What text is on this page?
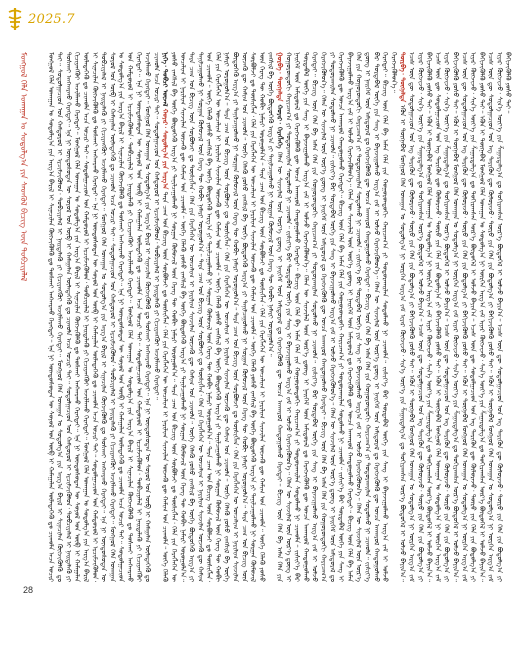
2025.7
ᠮᠣᠩᠭᠤᠯ ᠬᠡᠯᠡ ᠤᠬᠠᠭᠠᠨ ᠤ ᠰᠤᠳᠤᠯᠭ᠎ᠠ ᠶᠢᠨ ᠰᠡᠳᠬᠦᠯ ᠪᠢᠴᠢᠭ ᠦᠨ ᠲᠣᠪᠴᠢᠶᠠᠯᠠᠯ	ᠮᠣᠩᠭᠣᠯ ᠬᠡᠯᠡ ᠤᠬᠠᠭᠠᠨ ᠤ ᠰᠤᠳᠤᠯᠭ᠎ᠠ ᠶᠢᠨ ᠠᠷᠭ᠎ᠠ ᠪᠠᠷᠢᠯ ᠢ ᠰᠢᠨᠡᠴᠢᠯᠡᠨ ᠬᠥᠭᠵᠢᠭᠦᠯᠬᠦ ᠳᠤ ᠲᠤᠰᠬᠠᠢ ᠠᠩᠬᠠᠷᠬᠤ ᠬᠡᠷᠡᠭᠲᠡᠢ᠃ ᠡᠨᠡ ᠨᠢ ᠦᠨᠳᠦᠰᠦᠲᠡᠨ ᠦ ᠰᠣᠶᠣᠯ ᠤᠨ ᠥᠪ ᠢ ᠬᠠᠮᠠᠭᠠᠯᠠᠨ ᠦᠯᠡᠳᠡᠭᠡᠬᠦ ᠳᠤ ᠴᠢᠬᠤᠯᠠ ᠠᠴᠠ ᠤᠴᠢᠷ ᠲᠠᠢ᠃ ᠰᠤᠳᠤᠯᠭᠠᠴᠢᠳ ᠤᠨ ᠬᠠᠮᠲᠤᠷᠤᠯ ᠢ ᠡᠷᠴᠢᠮᠵᠢᠭᠦᠯᠦᠨ᠂ ᠲᠣᠪᠴᠢᠶᠠᠯᠠᠯ ᠢ ᠨᠡᠢᠲᠡᠯᠡᠬᠦ ᠶᠢ ᠬᠢᠴᠢᠶᠡᠩᠭᠦᠢ ᠠᠵᠢᠯᠯᠠᠬᠤ ᠬᠡᠷᠡᠭᠲᠡᠢ᠃ ᠮᠣᠩᠭᠣᠯ ᠬᠡᠯᠡ ᠤᠬᠠᠭᠠᠨ ᠤ ᠰᠤᠳᠤᠯᠭ᠎ᠠ ᠶᠢᠨ ᠠᠷᠭ᠎ᠠ ᠪᠠᠷᠢᠯ ᠢ ᠰᠢᠨᠡᠴᠢᠯᠡᠨ ᠬᠥᠭᠵᠢᠭᠦᠯᠬᠦ ᠳᠤ ᠲᠤᠰᠬᠠᠢ ᠠᠩᠬᠠᠷᠬᠤ ᠬᠡᠷᠡᠭᠲᠡᠢ᠃ ᠡᠨᠡ ᠨᠢ ᠦᠨᠳᠦᠰᠦᠲᠡᠨ ᠦ ᠰᠣᠶᠣᠯ ᠤᠨ ᠥᠪ ᠢ ᠬᠠᠮᠠᠭᠠᠯᠠᠨ ᠦᠯᠡᠳᠡᠭᠡᠬᠦ ᠳᠤ ᠴᠢᠬᠤᠯᠠ ᠠᠴᠠ ᠤᠴᠢᠷ ᠲᠠᠢ᠃ ᠰᠤᠳᠤᠯᠭᠠᠴᠢᠳ ᠤᠨ ᠬᠠᠮᠲᠤᠷᠤᠯ ᠢ ᠡᠷᠴᠢᠮᠵᠢᠭᠦᠯᠦᠨ᠂ ᠲᠣᠪᠴᠢᠶᠠᠯᠠᠯ ᠢ ᠨᠡᠢᠲᠡᠯᠡᠬᠦ ᠶᠢ ᠬᠢᠴᠢᠶᠡᠩᠭᠦᠢ ᠠᠵᠢᠯᠯᠠᠬᠤ ᠬᠡᠷᠡᠭᠲᠡᠢ᠃ ᠮᠣᠩᠭᠣᠯ ᠬᠡᠯᠡ ᠤᠬᠠᠭᠠᠨ ᠤ ᠰᠤᠳᠤᠯᠭ᠎ᠠ ᠶᠢᠨ ᠠᠷᠭ᠎ᠠ ᠪᠠᠷᠢᠯ ᠢ ᠰᠢᠨᠡᠴᠢᠯᠡᠨ ᠬᠥᠭᠵᠢᠭᠦᠯᠬᠦ ᠳᠤ ᠲᠤᠰᠬᠠᠢ ᠠᠩᠬᠠᠷᠬᠤ ᠬᠡᠷᠡᠭᠲᠡᠢ᠃ ᠡᠨᠡ ᠨᠢ ᠦᠨᠳᠦᠰᠦᠲᠡᠨ ᠦ ᠰᠣᠶᠣᠯ ᠤᠨ ᠥᠪ ᠢ ᠬᠠᠮᠠᠭᠠᠯᠠᠨ ᠦᠯᠡᠳᠡᠭᠡᠬᠦ ᠳᠤ ᠴᠢᠬᠤᠯᠠ ᠠᠴᠠ ᠤᠴᠢᠷ ᠲᠠᠢ᠃ ᠰᠤᠳᠤᠯᠭᠠᠴᠢᠳ ᠤᠨ ᠬᠠᠮᠲᠤᠷᠤᠯ ᠢ ᠡᠷᠴᠢᠮᠵᠢᠭᠦᠯᠦᠨ᠂ ᠲᠣᠪᠴᠢᠶᠠᠯᠠᠯ ᠢ ᠨᠡᠢᠲᠡᠯᠡᠬᠦ ᠶᠢ ᠬᠢᠴᠢᠶᠡᠩᠭᠦᠢ ᠠᠵᠢᠯᠯᠠᠬᠤ ᠬᠡᠷᠡᠭᠲᠡᠢ᠃ ᠮᠣᠩᠭᠣᠯ ᠬᠡᠯᠡ ᠤᠬᠠᠭᠠᠨ ᠤ ᠰᠤᠳᠤᠯᠭ᠎ᠠ ᠶᠢᠨ ᠠᠷᠭ᠎ᠠ ᠪᠠᠷᠢᠯ ᠢ ᠰᠢᠨᠡᠴᠢᠯᠡᠨ ᠬᠥᠭᠵᠢᠭᠦᠯᠬᠦ ᠳᠤ ᠲᠤᠰᠬᠠᠢ ᠠᠩᠬᠠᠷᠬᠤ ᠬᠡᠷᠡᠭᠲᠡᠢ᠃ ᠡᠨᠡ ᠨᠢ ᠦᠨᠳᠦᠰᠦᠲᠡᠨ ᠦ ᠰᠣᠶᠣᠯ ᠤᠨ ᠥᠪ ᠢ ᠬᠠᠮᠠᠭᠠᠯᠠᠨ ᠦᠯᠡᠳᠡᠭᠡᠬᠦ ᠳᠤ ᠴᠢᠬᠤᠯᠠ ᠠᠴᠠ ᠤᠴᠢᠷ ᠲᠠᠢ᠃ ᠰᠤᠳᠤᠯᠭᠠᠴᠢᠳ ᠤᠨ ᠬᠠᠮᠲᠤᠷᠤᠯ ᠢ ᠡᠷᠴᠢᠮᠵᠢᠭᠦᠯᠦᠨ᠂ ᠲᠣᠪᠴᠢᠶᠠᠯᠠᠯ ᠢ ᠨᠡᠢᠲᠡᠯᠡᠬᠦ ᠶᠢ ᠬᠢᠴᠢᠶᠡᠩᠭᠦᠢ ᠠᠵᠢᠯᠯᠠᠬᠤ ᠬᠡᠷᠡᠭᠲᠡᠢ᠃ ᠮᠣᠩᠭᠣᠯ ᠬᠡᠯᠡ ᠤᠬᠠᠭᠠᠨ ᠤ ᠰᠤᠳᠤᠯᠭ᠎ᠠ ᠶᠢᠨ ᠠᠷᠭ᠎ᠠ ᠪᠠᠷᠢᠯ ᠢ ᠰᠢᠨᠡᠴᠢᠯᠡᠨ ᠬᠥᠭᠵᠢᠭᠦᠯᠬᠦ ᠳᠤ ᠲᠤᠰᠬᠠᠢ ᠠᠩᠬᠠᠷᠬᠤ ᠬᠡᠷᠡᠭᠲᠡᠢ᠃ ᠡᠨᠡ ᠨᠢ ᠦᠨᠳᠦᠰᠦᠲᠡᠨ ᠦ ᠰᠣᠶᠣᠯ ᠤᠨ ᠥᠪ ᠢ ᠬᠠᠮᠠᠭᠠᠯᠠᠨ ᠦᠯᠡᠳᠡᠭᠡᠬᠦ ᠳᠤ ᠴᠢᠬᠤᠯᠠ ᠠᠴᠠ ᠤᠴᠢᠷ ᠲᠠᠢ᠃ ᠰᠤᠳᠤᠯᠭᠠᠴᠢᠳ ᠤᠨ ᠬᠠᠮᠲᠤᠷᠤᠯ ᠢ ᠡᠷᠴᠢᠮᠵᠢᠭᠦᠯᠦᠨ᠂ ᠲᠣᠪᠴᠢᠶᠠᠯᠠᠯ ᠢ ᠨᠡᠢᠲᠡᠯᠡᠬᠦ ᠶᠢ ᠬᠢᠴᠢᠶᠡᠩᠭᠦᠢ ᠠᠵᠢᠯᠯᠠᠬᠤ ᠬᠡᠷᠡᠭᠲᠡᠢ᠃ ᠮᠣᠩᠭᠣᠯ ᠬᠡᠯᠡ ᠤᠬᠠᠭᠠᠨ ᠤ ᠰᠤᠳᠤᠯᠭ᠎ᠠ ᠶᠢᠨ ᠠᠷᠭ᠎ᠠ ᠪᠠᠷᠢᠯ ᠢ ᠰᠢᠨᠡᠴᠢᠯᠡᠨ ᠬᠥᠭᠵᠢᠭᠦᠯᠬᠦ ᠳᠤ ᠲᠤᠰᠬᠠᠢ ᠠᠩᠬᠠᠷᠬᠤ ᠬᠡᠷᠡᠭᠲᠡᠢ᠃ ᠡᠨᠡ ᠨᠢ ᠦᠨᠳᠦᠰᠦᠲᠡᠨ ᠦ ᠰᠣᠶᠣᠯ ᠤᠨ ᠥᠪ ᠢ ᠬᠠᠮᠠᠭᠠᠯᠠᠨ ᠦᠯᠡᠳᠡᠭᠡᠬᠦ ᠳᠤ ᠴᠢᠬᠤᠯᠠ ᠠᠴᠠ ᠤᠴᠢᠷ ᠲᠠᠢ᠃ ᠰᠤᠳᠤᠯᠭᠠᠴᠢᠳ ᠤᠨ ᠬᠠᠮᠲᠤᠷᠤᠯ ᠢ ᠡᠷᠴᠢᠮᠵᠢᠭᠦᠯᠦᠨ᠂ ᠲᠣᠪᠴᠢᠶᠠᠯᠠᠯ ᠢ ᠨᠡᠢᠲᠡᠯᠡᠬᠦ ᠶᠢ ᠬᠢᠴᠢᠶᠡᠩᠭᠦᠢ ᠠᠵᠢᠯᠯᠠᠬᠤ ᠬᠡᠷᠡᠭᠲᠡᠢ᠃ ᠮᠣᠩᠭᠣᠯ ᠬᠡᠯᠡ ᠤᠬᠠᠭᠠᠨ ᠤ ᠰᠤᠳᠤᠯᠭ᠎ᠠ ᠶᠢᠨ ᠠᠷᠭ᠎ᠠ ᠪᠠᠷᠢᠯ ᠢ ᠰᠢᠨᠡᠴᠢᠯᠡᠨ ᠬᠥᠭᠵᠢᠭᠦᠯᠬᠦ ᠳᠤ ᠲᠤᠰᠬᠠᠢ ᠠᠩᠬᠠᠷᠬᠤ ᠬᠡᠷᠡᠭᠲᠡᠢ᠃ ᠡᠨᠡ ᠨᠢ ᠦᠨᠳᠦᠰᠦᠲᠡᠨ ᠦ ᠰᠣᠶᠣᠯ ᠤᠨ ᠥᠪ ᠢ ᠬᠠᠮᠠᠭᠠᠯᠠᠨ ᠦᠯᠡᠳᠡᠭᠡᠬᠦ ᠳᠤ ᠴᠢᠬᠤᠯᠠ ᠠᠴᠠ ᠤᠴᠢᠷ ᠲᠠᠢ᠃ ᠰᠤᠳᠤᠯᠭᠠᠴᠢᠳ ᠤᠨ ᠬᠠᠮᠲᠤᠷᠤᠯ ᠢ ᠡᠷᠴᠢᠮᠵᠢᠭᠦᠯᠦᠨ᠂ ᠲᠣᠪᠴᠢᠶᠠᠯᠠᠯ ᠢ ᠨᠡᠢᠲᠡᠯᠡᠬᠦ ᠶᠢ ᠬᠢᠴᠢᠶᠡᠩᠭᠦᠢ ᠠᠵᠢᠯᠯᠠᠬᠤ ᠬᠡᠷᠡᠭᠲᠡᠢ᠃ ᠮᠣᠩᠭᠣᠯ ᠬᠡᠯᠡ ᠤᠬᠠᠭᠠᠨ ᠤ ᠰᠤᠳᠤᠯᠭ᠎ᠠ ᠶᠢᠨ ᠠᠷᠭ᠎ᠠ ᠪᠠᠷᠢᠯ ᠢ ᠰᠢᠨᠡᠴᠢᠯᠡᠨ ᠬᠥᠭᠵᠢᠭᠦᠯᠬᠦ ᠳᠤ ᠲᠤᠰᠬᠠᠢ ᠠᠩᠬᠠᠷᠬᠤ ᠬᠡᠷᠡᠭᠲᠡᠢ᠃ ᠡᠨᠡ ᠨᠢ ᠦᠨᠳᠦᠰᠦᠲᠡᠨ ᠦ ᠰᠣᠶᠣᠯ ᠤᠨ ᠥᠪ ᠢ ᠬᠠᠮᠠᠭᠠᠯᠠᠨ ᠦᠯᠡᠳᠡᠭᠡᠬᠦ ᠳᠤ ᠴᠢᠬᠤᠯᠠ ᠠᠴᠠ ᠤᠴᠢᠷ ᠲᠠᠢ᠃ ᠰᠤᠳᠤᠯᠭᠠᠴᠢᠳ ᠤᠨ ᠬᠠᠮᠲᠤᠷᠤᠯ ᠢ ᠡᠷᠴᠢᠮᠵᠢᠭᠦᠯᠦᠨ᠂ ᠲᠣᠪᠴᠢᠶᠠᠯᠠᠯ ᠢ ᠨᠡᠢᠲᠡᠯᠡᠬᠦ ᠶᠢ ᠬᠢᠴᠢᠶᠡᠩᠭᠦᠢ ᠠᠵᠢᠯᠯᠠᠬᠤ ᠬᠡᠷᠡᠭᠲᠡᠢ᠃ ᠨᠢᠭᠡ᠂ ᠲᠣᠪᠴᠢ ᠦᠵᠡᠯ ᠬᠣᠶᠠᠷ᠂ ᠰᠤᠳᠤᠯᠭ᠎ᠠ ᠶᠢᠨ ᠠᠷᠭ᠎ᠠ ᠲᠡᠷᠡ ᠴᠠᠭ ᠤᠨ ᠪᠢᠴᠢᠭ ᠦᠨ ᠰᠤᠷᠪᠤᠯᠵᠢ ᠳᠤ ᠲᠦᠰᠢᠭᠯᠡᠨ᠂ ᠬᠡᠯᠡ ᠶᠢᠨ ᠬᠡᠷᠡᠭᠯᠡᠭᠡᠨ ᠦ ᠣᠨᠴᠠᠯᠢᠭ ᠢ ᠨᠠᠷᠢᠯᠢᠭ ᠰᠢᠨᠵᠢᠯᠡᠨ ᠦᠵᠡᠬᠦ ᠳᠦ ᠬᠠᠮᠢᠭ ᠤᠨ ᠴᠢᠬᠤᠯᠠ᠃ ᠦᠭᠡ ᠬᠡᠯᠡᠬᠦ ᠶᠣᠰᠣ ᠵᠠᠩᠰᠢᠯ ᠪᠠ ᠦᠭᠡ ᠪᠦᠲᠦᠭᠡᠬᠦ ᠠᠷᠭ᠎ᠠ ᠶᠢ ᠲᠠᠨᠢᠯᠴᠠᠭᠤᠯᠬᠤ ᠨᠢ ᠰᠤᠷᠭᠠᠨ ᠬᠦᠮᠦᠵᠢᠯ ᠦᠨ ᠬᠡᠷᠡᠭ ᠲᠦ ᠬᠤᠪᠢ ᠨᠡᠮᠡᠷᠢ ᠣᠷᠣᠭᠤᠯᠨ᠎ᠠ᠃ ᠲᠡᠷᠡ ᠴᠠᠭ ᠤᠨ ᠪᠢᠴᠢᠭ ᠦᠨ ᠰᠤᠷᠪᠤᠯᠵᠢ ᠳᠤ ᠲᠦᠰᠢᠭᠯᠡᠨ᠂ ᠬᠡᠯᠡ ᠶᠢᠨ ᠬᠡᠷᠡᠭᠯᠡᠭᠡᠨ ᠦ ᠣᠨᠴᠠᠯᠢᠭ ᠢ ᠨᠠᠷᠢᠯᠢᠭ ᠰᠢᠨᠵᠢᠯᠡᠨ ᠦᠵᠡᠬᠦ ᠳᠦ ᠬᠠᠮᠢᠭ ᠤᠨ ᠴᠢᠬᠤᠯᠠ᠃ ᠦᠭᠡ ᠬᠡᠯᠡᠬᠦ ᠶᠣᠰᠣ ᠵᠠᠩᠰᠢᠯ ᠪᠠ ᠦᠭᠡ ᠪᠦᠲᠦᠭᠡᠬᠦ ᠠᠷᠭ᠎ᠠ ᠶᠢ ᠲᠠᠨᠢᠯᠴᠠᠭᠤᠯᠬᠤ ᠨᠢ ᠰᠤᠷᠭᠠᠨ ᠬᠦᠮᠦᠵᠢᠯ ᠦᠨ ᠬᠡᠷᠡᠭ ᠲᠦ ᠬᠤᠪᠢ ᠨᠡᠮᠡᠷᠢ ᠣᠷᠣᠭᠤᠯᠨ᠎ᠠ᠃ ᠲᠡᠷᠡ ᠴᠠᠭ ᠤᠨ ᠪᠢᠴᠢᠭ ᠦᠨ ᠰᠤᠷᠪᠤᠯᠵᠢ ᠳᠤ ᠲᠦᠰᠢᠭᠯᠡᠨ᠂ ᠬᠡᠯᠡ ᠶᠢᠨ ᠬᠡᠷᠡᠭᠯᠡᠭᠡᠨ ᠦ ᠣᠨᠴᠠᠯᠢᠭ ᠢ ᠨᠠᠷᠢᠯᠢᠭ ᠰᠢᠨᠵᠢᠯᠡᠨ ᠦᠵᠡᠬᠦ ᠳᠦ ᠬᠠᠮᠢᠭ ᠤᠨ ᠴᠢᠬᠤᠯᠠ᠃ ᠦᠭᠡ ᠬᠡᠯᠡᠬᠦ ᠶᠣᠰᠣ ᠵᠠᠩᠰᠢᠯ ᠪᠠ ᠦᠭᠡ ᠪᠦᠲᠦᠭᠡᠬᠦ ᠠᠷᠭ᠎ᠠ ᠶᠢ ᠲᠠᠨᠢᠯᠴᠠᠭᠤᠯᠬᠤ ᠨᠢ ᠰᠤᠷᠭᠠᠨ ᠬᠦᠮᠦᠵᠢᠯ ᠦᠨ ᠬᠡᠷᠡᠭ ᠲᠦ ᠬᠤᠪᠢ ᠨᠡᠮᠡᠷᠢ ᠣᠷᠣᠭᠤᠯᠨ᠎ᠠ᠃ ᠲᠡᠷᠡ ᠴᠠᠭ ᠤᠨ ᠪᠢᠴᠢᠭ ᠦᠨ ᠰᠤᠷᠪᠤᠯᠵᠢ ᠳᠤ ᠲᠦᠰᠢᠭᠯᠡᠨ᠂ ᠬᠡᠯᠡ ᠶᠢᠨ ᠬᠡᠷᠡᠭᠯᠡᠭᠡᠨ ᠦ ᠣᠨᠴᠠᠯᠢᠭ ᠢ ᠨᠠᠷᠢᠯᠢᠭ ᠰᠢᠨᠵᠢᠯᠡᠨ ᠦᠵᠡᠬᠦ ᠳᠦ ᠬᠠᠮᠢᠭ ᠤᠨ ᠴᠢᠬᠤᠯᠠ᠃ ᠦᠭᠡ ᠬᠡᠯᠡᠬᠦ ᠶᠣᠰᠣ ᠵᠠᠩᠰᠢᠯ ᠪᠠ ᠦᠭᠡ ᠪᠦᠲᠦᠭᠡᠬᠦ ᠠᠷᠭ᠎ᠠ ᠶᠢ ᠲᠠᠨᠢᠯᠴᠠᠭᠤᠯᠬᠤ ᠨᠢ ᠰᠤᠷᠭᠠᠨ ᠬᠦᠮᠦᠵᠢᠯ ᠦᠨ ᠬᠡᠷᠡᠭ ᠲᠦ ᠬᠤᠪᠢ ᠨᠡᠮᠡᠷᠢ ᠣᠷᠣᠭᠤᠯᠨ᠎ᠠ᠃ ᠲᠡᠷᠡ ᠴᠠᠭ ᠤᠨ ᠪᠢᠴᠢᠭ ᠦᠨ ᠰᠤᠷᠪᠤᠯᠵᠢ ᠳᠤ ᠲᠦᠰᠢᠭᠯᠡᠨ᠂ ᠬᠡᠯᠡ ᠶᠢᠨ ᠬᠡᠷᠡᠭᠯᠡᠭᠡᠨ ᠦ ᠣᠨᠴᠠᠯᠢᠭ ᠢ ᠨᠠᠷᠢᠯᠢᠭ ᠰᠢᠨᠵᠢᠯᠡᠨ ᠦᠵᠡᠬᠦ ᠳᠦ ᠬᠠᠮᠢᠭ ᠤᠨ ᠴᠢᠬᠤᠯᠠ᠃ ᠦᠭᠡ ᠬᠡᠯᠡᠬᠦ ᠶᠣᠰᠣ ᠵᠠᠩᠰᠢᠯ ᠪᠠ ᠦᠭᠡ ᠪᠦᠲᠦᠭᠡᠬᠦ ᠠᠷᠭ᠎ᠠ ᠶᠢ ᠲᠠᠨᠢᠯᠴᠠᠭᠤᠯᠬᠤ ᠨᠢ ᠰᠤᠷᠭᠠᠨ ᠬᠦᠮᠦᠵᠢᠯ ᠦᠨ ᠬᠡᠷᠡᠭ ᠲᠦ ᠬᠤᠪᠢ ᠨᠡᠮᠡᠷᠢ ᠣᠷᠣᠭᠤᠯᠨ᠎ᠠ᠃ ᠲᠡᠷᠡ ᠴᠠᠭ ᠤᠨ ᠪᠢᠴᠢᠭ ᠦᠨ ᠰᠤᠷᠪᠤᠯᠵᠢ ᠳᠤ ᠲᠦᠰᠢᠭᠯᠡᠨ᠂ ᠬᠡᠯᠡ ᠶᠢᠨ ᠬᠡᠷᠡᠭᠯᠡᠭᠡᠨ ᠦ ᠣᠨᠴᠠᠯᠢᠭ ᠢ ᠨᠠᠷᠢᠯᠢᠭ ᠰᠢᠨᠵᠢᠯᠡᠨ ᠦᠵᠡᠬᠦ ᠳᠦ ᠬᠠᠮᠢᠭ ᠤᠨ ᠴᠢᠬᠤᠯᠠ᠃ ᠦᠭᠡ ᠬᠡᠯᠡᠬᠦ ᠶᠣᠰᠣ ᠵᠠᠩᠰᠢᠯ ᠪᠠ ᠦᠭᠡ ᠪᠦᠲᠦᠭᠡᠬᠦ ᠠᠷᠭ᠎ᠠ ᠶᠢ ᠲᠠᠨᠢᠯᠴᠠᠭᠤᠯᠬᠤ ᠨᠢ ᠰᠤᠷᠭᠠᠨ ᠬᠦᠮᠦᠵᠢᠯ ᠦᠨ ᠬᠡᠷᠡᠭ ᠲᠦ ᠬᠤᠪᠢ ᠨᠡᠮᠡᠷᠢ ᠣᠷᠣᠭᠤᠯᠨ᠎ᠠ᠃ ᠲᠡᠷᠡ ᠴᠠᠭ ᠤᠨ ᠪᠢᠴᠢᠭ ᠦᠨ ᠰᠤᠷᠪᠤᠯᠵᠢ ᠳᠤ ᠲᠦᠰᠢᠭᠯᠡᠨ᠂ ᠬᠡᠯᠡ ᠶᠢᠨ ᠬᠡᠷᠡᠭᠯᠡᠭᠡᠨ ᠦ ᠣᠨᠴᠠᠯᠢᠭ ᠢ ᠨᠠᠷᠢᠯᠢᠭ ᠰᠢᠨᠵᠢᠯᠡᠨ ᠦᠵᠡᠬᠦ ᠳᠦ ᠬᠠᠮᠢᠭ ᠤᠨ ᠴᠢᠬᠤᠯᠠ᠃ ᠦᠭᠡ ᠬᠡᠯᠡᠬᠦ ᠶᠣᠰᠣ ᠵᠠᠩᠰᠢᠯ ᠪᠠ ᠦᠭᠡ ᠪᠦᠲᠦᠭᠡᠬᠦ ᠠᠷᠭ᠎ᠠ ᠶᠢ ᠲᠠᠨᠢᠯᠴᠠᠭᠤᠯᠬᠤ ᠨᠢ ᠰᠤᠷᠭᠠᠨ ᠬᠦᠮᠦᠵᠢᠯ ᠦᠨ ᠬᠡᠷᠡᠭ ᠲᠦ ᠬᠤᠪᠢ ᠨᠡᠮᠡᠷᠢ ᠣᠷᠣᠭᠤᠯᠨ᠎ᠠ᠃ ᠲᠡᠷᠡ ᠴᠠᠭ ᠤᠨ ᠪᠢᠴᠢᠭ ᠦᠨ ᠰᠤᠷᠪᠤᠯᠵᠢ ᠳᠤ ᠲᠦᠰᠢᠭᠯᠡᠨ᠂ ᠬᠡᠯᠡ ᠶᠢᠨ ᠬᠡᠷᠡᠭᠯᠡᠭᠡᠨ ᠦ ᠣᠨᠴᠠᠯᠢᠭ ᠢ ᠨᠠᠷᠢᠯᠢᠭ ᠰᠢᠨᠵᠢᠯᠡᠨ ᠦᠵᠡᠬᠦ ᠳᠦ ᠬᠠᠮᠢᠭ ᠤᠨ ᠴᠢᠬᠤᠯᠠ᠃ ᠦᠭᠡ ᠬᠡᠯᠡᠬᠦ ᠶᠣᠰᠣ ᠵᠠᠩᠰᠢᠯ ᠪᠠ ᠦᠭᠡ ᠪᠦᠲᠦᠭᠡᠬᠦ ᠠᠷᠭ᠎ᠠ ᠶᠢ ᠲᠠᠨᠢᠯᠴᠠᠭᠤᠯᠬᠤ ᠨᠢ ᠰᠤᠷᠭᠠᠨ ᠬᠦᠮᠦᠵᠢᠯ ᠦᠨ ᠬᠡᠷᠡᠭ ᠲᠦ ᠬᠤᠪᠢ ᠨᠡᠮᠡᠷᠢ ᠣᠷᠣᠭᠤᠯᠨ᠎ᠠ᠃ ᠲᠡᠷᠡ ᠴᠠᠭ ᠤᠨ ᠪᠢᠴᠢᠭ ᠦᠨ ᠰᠤᠷᠪᠤᠯᠵᠢ ᠳᠤ ᠲᠦᠰᠢᠭᠯᠡᠨ᠂ ᠬᠡᠯᠡ ᠶᠢᠨ ᠬᠡᠷᠡᠭᠯᠡᠭᠡᠨ ᠦ ᠣᠨᠴᠠᠯᠢᠭ ᠢ ᠨᠠᠷᠢᠯᠢᠭ ᠰᠢᠨᠵᠢᠯᠡᠨ ᠦᠵᠡᠬᠦ ᠳᠦ ᠬᠠᠮᠢᠭ ᠤᠨ ᠴᠢᠬᠤᠯᠠ᠃ ᠦᠭᠡ ᠬᠡᠯᠡᠬᠦ ᠶᠣᠰᠣ ᠵᠠᠩᠰᠢᠯ ᠪᠠ ᠦᠭᠡ ᠪᠦᠲᠦᠭᠡᠬᠦ ᠠᠷᠭ᠎ᠠ ᠶᠢ ᠲᠠᠨᠢᠯᠴᠠᠭᠤᠯᠬᠤ ᠨᠢ ᠰᠤᠷᠭᠠᠨ ᠬᠦᠮᠦᠵᠢᠯ ᠦᠨ ᠬᠡᠷᠡᠭ ᠲᠦ ᠬᠤᠪᠢ ᠨᠡᠮᠡᠷᠢ ᠣᠷᠣᠭᠤᠯᠨ᠎ᠠ᠃ ᠭᠤᠷᠪᠠ᠂ ᠳᠦᠭᠨᠡᠯᠲᠡ ᠬᠣᠶᠠᠷ᠂ ᠬᠡᠷᠡᠭᠯᠡᠭᠡ ᠬᠡᠯᠡᠨ ᠦ ᠰᠢᠨᠵᠢᠯᠡᠯ ᠦᠨ ᠦᠷ᠎ᠡ ᠳ᠋ᠦᠩ ᠢ ᠨᠡᠢᠭᠡᠮ ᠦᠨ ᠠᠮᠢᠳᠤᠷᠠᠯ ᠳᠤ ᠬᠡᠷᠡᠭᠵᠢᠭᠦᠯᠬᠦ ᠳᠦ ᠣᠨᠴᠠ ᠠᠨᠬᠠᠷᠤᠯ ᠬᠠᠨᠳᠤᠭᠤᠯᠬᠤ ᠬᠡᠷᠡᠭᠲᠡᠢ᠃ ᠪᠢᠴᠢᠭ ᠦᠨ ᠬᠡᠯᠡ ᠪᠠ ᠠᠮᠠᠨ ᠬᠡᠯᠡ ᠶᠢᠨ ᠬᠣᠭᠣᠷᠣᠨᠳᠤᠬᠢ ᠬᠠᠷᠢᠴᠠᠭ᠎ᠠ ᠶᠢ ᠲᠣᠳᠤᠷᠬᠠᠢᠯᠠᠨ ᠰᠤᠳᠤᠯᠬᠤ ᠨᠢ ᠴᠢᠬᠤᠯᠠ᠃ ᠵᠢᠱᠢᠶ᠎ᠡ ᠪᠠᠷ ᠳᠤᠷᠳᠠᠪᠠᠯ ᠦᠭᠡ ᠶᠢᠨ ᠰᠠᠩ ᠢ ᠪᠠᠶᠠᠵᠢᠭᠤᠯᠬᠤ ᠠᠷᠭ᠎ᠠ ᠵᠠᠮ ᠢ ᠣᠯᠵᠤ ᠬᠡᠷᠡᠭᠵᠢᠭᠦᠯᠦᠨ᠎ᠡ᠃ ᠬᠡᠯᠡᠨ ᠦ ᠰᠢᠨᠵᠢᠯᠡᠯ ᠦᠨ ᠦᠷ᠎ᠡ ᠳ᠋ᠦᠩ ᠢ ᠨᠡᠢᠭᠡᠮ ᠦᠨ ᠠᠮᠢᠳᠤᠷᠠᠯ ᠳᠤ ᠬᠡᠷᠡᠭᠵᠢᠭᠦᠯᠬᠦ ᠳᠦ ᠣᠨᠴᠠ ᠠᠨᠬᠠᠷᠤᠯ ᠬᠠᠨᠳᠤᠭᠤᠯᠬᠤ ᠬᠡᠷᠡᠭᠲᠡᠢ᠃ ᠪᠢᠴᠢᠭ ᠦᠨ ᠬᠡᠯᠡ ᠪᠠ ᠠᠮᠠᠨ ᠬᠡᠯᠡ ᠶᠢᠨ ᠬᠣᠭᠣᠷᠣᠨᠳᠤᠬᠢ ᠬᠠᠷᠢᠴᠠᠭ᠎ᠠ ᠶᠢ ᠲᠣᠳᠤᠷᠬᠠᠢᠯᠠᠨ ᠰᠤᠳᠤᠯᠬᠤ ᠨᠢ ᠴᠢᠬᠤᠯᠠ᠃ ᠵᠢᠱᠢᠶ᠎ᠡ ᠪᠠᠷ ᠳᠤᠷᠳᠠᠪᠠᠯ ᠦᠭᠡ ᠶᠢᠨ ᠰᠠᠩ ᠢ ᠪᠠᠶᠠᠵᠢᠭᠤᠯᠬᠤ ᠠᠷᠭ᠎ᠠ ᠵᠠᠮ ᠢ ᠣᠯᠵᠤ ᠬᠡᠷᠡᠭᠵᠢᠭᠦᠯᠦᠨ᠎ᠡ᠃ ᠬᠡᠯᠡᠨ ᠦ ᠰᠢᠨᠵᠢᠯᠡᠯ ᠦᠨ ᠦᠷ᠎ᠡ ᠳ᠋ᠦᠩ ᠢ ᠨᠡᠢᠭᠡᠮ ᠦᠨ ᠠᠮᠢᠳᠤᠷᠠᠯ ᠳᠤ ᠬᠡᠷᠡᠭᠵᠢᠭᠦᠯᠬᠦ ᠳᠦ ᠣᠨᠴᠠ ᠠᠨᠬᠠᠷᠤᠯ ᠬᠠᠨᠳᠤᠭᠤᠯᠬᠤ ᠬᠡᠷᠡᠭᠲᠡᠢ᠃ ᠪᠢᠴᠢᠭ ᠦᠨ ᠬᠡᠯᠡ ᠪᠠ ᠠᠮᠠᠨ ᠬᠡᠯᠡ ᠶᠢᠨ ᠬᠣᠭᠣᠷᠣᠨᠳᠤᠬᠢ ᠬᠠᠷᠢᠴᠠᠭ᠎ᠠ ᠶᠢ ᠲᠣᠳᠤᠷᠬᠠᠢᠯᠠᠨ ᠰᠤᠳᠤᠯᠬᠤ ᠨᠢ ᠴᠢᠬᠤᠯᠠ᠃ ᠵᠢᠱᠢᠶ᠎ᠡ ᠪᠠᠷ ᠳᠤᠷᠳᠠᠪᠠᠯ ᠦᠭᠡ ᠶᠢᠨ ᠰᠠᠩ ᠢ ᠪᠠᠶᠠᠵᠢᠭᠤᠯᠬᠤ ᠠᠷᠭ᠎ᠠ ᠵᠠᠮ ᠢ ᠣᠯᠵᠤ ᠬᠡᠷᠡᠭᠵᠢᠭᠦᠯᠦᠨ᠎ᠡ᠃ ᠬᠡᠯᠡᠨ ᠦ ᠰᠢᠨᠵᠢᠯᠡᠯ ᠦᠨ ᠦᠷ᠎ᠡ ᠳ᠋ᠦᠩ ᠢ ᠨᠡᠢᠭᠡᠮ ᠦᠨ ᠠᠮᠢᠳᠤᠷᠠᠯ ᠳᠤ ᠬᠡᠷᠡᠭᠵᠢᠭᠦᠯᠬᠦ ᠳᠦ ᠣᠨᠴᠠ ᠠᠨᠬᠠᠷᠤᠯ ᠬᠠᠨᠳᠤᠭᠤᠯᠬᠤ ᠬᠡᠷᠡᠭᠲᠡᠢ᠃ ᠪᠢᠴᠢᠭ ᠦᠨ ᠬᠡᠯᠡ ᠪᠠ ᠠᠮᠠᠨ ᠬᠡᠯᠡ ᠶᠢᠨ ᠬᠣᠭᠣᠷᠣᠨᠳᠤᠬᠢ ᠬᠠᠷᠢᠴᠠᠭ᠎ᠠ ᠶᠢ ᠲᠣᠳᠤᠷᠬᠠᠢᠯᠠᠨ ᠰᠤᠳᠤᠯᠬᠤ ᠨᠢ ᠴᠢᠬᠤᠯᠠ᠃ ᠵᠢᠱᠢᠶ᠎ᠡ ᠪᠠᠷ ᠳᠤᠷᠳᠠᠪᠠᠯ ᠦᠭᠡ ᠶᠢᠨ ᠰᠠᠩ ᠢ ᠪᠠᠶᠠᠵᠢᠭᠤᠯᠬᠤ ᠠᠷᠭ᠎ᠠ ᠵᠠᠮ ᠢ ᠣᠯᠵᠤ ᠬᠡᠷᠡᠭᠵᠢᠭᠦᠯᠦᠨ᠎ᠡ᠃ ᠬᠡᠯᠡᠨ ᠦ ᠰᠢᠨᠵᠢᠯᠡᠯ ᠦᠨ ᠦᠷ᠎ᠡ ᠳ᠋ᠦᠩ ᠢ ᠨᠡᠢᠭᠡᠮ ᠦᠨ ᠠᠮᠢᠳᠤᠷᠠᠯ ᠳᠤ ᠬᠡᠷᠡᠭᠵᠢᠭᠦᠯᠬᠦ ᠳᠦ ᠣᠨᠴᠠ ᠠᠨᠬᠠᠷᠤᠯ ᠬᠠᠨᠳᠤᠭᠤᠯᠬᠤ ᠬᠡᠷᠡᠭᠲᠡᠢ᠃ ᠪᠢᠴᠢᠭ ᠦᠨ ᠬᠡᠯᠡ ᠪᠠ ᠠᠮᠠᠨ ᠬᠡᠯᠡ ᠶᠢᠨ ᠬᠣᠭᠣᠷᠣᠨᠳᠤᠬᠢ ᠬᠠᠷᠢᠴᠠᠭ᠎ᠠ ᠶᠢ ᠲᠣᠳᠤᠷᠬᠠᠢᠯᠠᠨ ᠰᠤᠳᠤᠯᠬᠤ ᠨᠢ ᠴᠢᠬᠤᠯᠠ᠃ ᠵᠢᠱᠢᠶ᠎ᠡ ᠪᠠᠷ ᠳᠤᠷᠳᠠᠪᠠᠯ ᠦᠭᠡ ᠶᠢᠨ ᠰᠠᠩ ᠢ ᠪᠠᠶᠠᠵᠢᠭᠤᠯᠬᠤ ᠠᠷᠭ᠎ᠠ ᠵᠠᠮ ᠢ ᠣᠯᠵᠤ ᠬᠡᠷᠡᠭᠵᠢᠭᠦᠯᠦᠨ᠎ᠡ᠃ ᠬᠡᠯᠡᠨ ᠦ ᠰᠢᠨᠵᠢᠯᠡᠯ ᠦᠨ ᠦᠷ᠎ᠡ ᠳ᠋ᠦᠩ ᠢ ᠨᠡᠢᠭᠡᠮ ᠦᠨ ᠠᠮᠢᠳᠤᠷᠠᠯ ᠳᠤ ᠬᠡᠷᠡᠭᠵᠢᠭᠦᠯᠬᠦ ᠳᠦ ᠣᠨᠴᠠ ᠠᠨᠬᠠᠷᠤᠯ ᠬᠠᠨᠳᠤᠭᠤᠯᠬᠤ ᠬᠡᠷᠡᠭᠲᠡᠢ᠃ ᠪᠢᠴᠢᠭ ᠦᠨ ᠬᠡᠯᠡ ᠪᠠ ᠠᠮᠠᠨ ᠬᠡᠯᠡ ᠶᠢᠨ ᠬᠣᠭᠣᠷᠣᠨᠳᠤᠬᠢ ᠬᠠᠷᠢᠴᠠᠭ᠎ᠠ ᠶᠢ ᠲᠣᠳᠤᠷᠬᠠᠢᠯᠠᠨ ᠰᠤᠳᠤᠯᠬᠤ ᠨᠢ ᠴᠢᠬᠤᠯᠠ᠃ ᠵᠢᠱᠢᠶ᠎ᠡ ᠪᠠᠷ ᠳᠤᠷᠳᠠᠪᠠᠯ ᠦᠭᠡ ᠶᠢᠨ ᠰᠠᠩ ᠢ ᠪᠠᠶᠠᠵᠢᠭᠤᠯᠬᠤ ᠠᠷᠭ᠎ᠠ ᠵᠠᠮ ᠢ ᠣᠯᠵᠤ ᠬᠡᠷᠡᠭᠵᠢᠭᠦᠯᠦᠨ᠎ᠡ᠃ ᠬᠡᠯᠡᠨ ᠦ ᠰᠢᠨᠵᠢᠯᠡᠯ ᠦᠨ ᠦᠷ᠎ᠡ ᠳ᠋ᠦᠩ ᠢ ᠨᠡᠢᠭᠡᠮ ᠦᠨ ᠠᠮᠢᠳᠤᠷᠠᠯ ᠳᠤ ᠬᠡᠷᠡᠭᠵᠢᠭᠦᠯᠬᠦ ᠳᠦ ᠣᠨᠴᠠ ᠠᠨᠬᠠᠷᠤᠯ ᠬᠠᠨᠳᠤᠭᠤᠯᠬᠤ ᠬᠡᠷᠡᠭᠲᠡᠢ᠃ ᠪᠢᠴᠢᠭ ᠦᠨ ᠬᠡᠯᠡ ᠪᠠ ᠠᠮᠠᠨ ᠬᠡᠯᠡ ᠶᠢᠨ ᠬᠣᠭᠣᠷᠣᠨᠳᠤᠬᠢ ᠬᠠᠷᠢᠴᠠᠭ᠎ᠠ ᠶᠢ ᠲᠣᠳᠤᠷᠬᠠᠢᠯᠠᠨ ᠰᠤᠳᠤᠯᠬᠤ ᠨᠢ ᠴᠢᠬᠤᠯᠠ᠃ ᠵᠢᠱᠢᠶ᠎ᠡ ᠪᠠᠷ ᠳᠤᠷᠳᠠᠪᠠᠯ ᠦᠭᠡ ᠶᠢᠨ ᠰᠠᠩ ᠢ ᠪᠠᠶᠠᠵᠢᠭᠤᠯᠬᠤ ᠠᠷᠭ᠎ᠠ ᠵᠠᠮ ᠢ ᠣᠯᠵᠤ ᠬᠡᠷᠡᠭᠵᠢᠭᠦᠯᠦᠨ᠎ᠡ᠃ ᠬᠡᠯᠡᠨ ᠦ ᠰᠢᠨᠵᠢᠯᠡᠯ ᠦᠨ ᠦᠷ᠎ᠡ ᠳ᠋ᠦᠩ ᠢ ᠨᠡᠢᠭᠡᠮ ᠦᠨ ᠠᠮᠢᠳᠤᠷᠠᠯ ᠳᠤ ᠬᠡᠷᠡᠭᠵᠢᠭᠦᠯᠬᠦ ᠳᠦ ᠣᠨᠴᠠ ᠠᠨᠬᠠᠷᠤᠯ ᠬᠠᠨᠳᠤᠭᠤᠯᠬᠤ ᠬᠡᠷᠡᠭᠲᠡᠢ᠃ ᠪᠢᠴᠢᠭ ᠦᠨ ᠬᠡᠯᠡ ᠪᠠ ᠠᠮᠠᠨ ᠬᠡᠯᠡ ᠶᠢᠨ ᠬᠣᠭᠣᠷᠣᠨᠳᠤᠬᠢ ᠬᠠᠷᠢᠴᠠᠭ᠎ᠠ ᠶᠢ ᠲᠣᠳᠤᠷᠬᠠᠢᠯᠠᠨ ᠰᠤᠳᠤᠯᠬᠤ ᠨᠢ ᠴᠢᠬᠤᠯᠠ᠃ ᠵᠢᠱᠢᠶ᠎ᠡ ᠪᠠᠷ ᠳᠤᠷᠳᠠᠪᠠᠯ ᠦᠭᠡ ᠶᠢᠨ ᠰᠠᠩ ᠢ ᠪᠠᠶᠠᠵᠢᠭᠤᠯᠬᠤ ᠠᠷᠭ᠎ᠠ ᠵᠠᠮ ᠢ ᠣᠯᠵᠤ ᠬᠡᠷᠡᠭᠵᠢᠭᠦᠯᠦᠨ᠎ᠡ᠃ ᠳᠥᠷᠪᠡ᠂ ᠳᠦᠭᠨᠡᠯᠲᠡ ᠡᠭᠦᠨ ᠢ ᠳᠦᠭᠨᠡᠪᠡᠯ ᠮᠣᠩᠭᠣᠯ ᠬᠡᠯᠡ ᠤᠬᠠᠭᠠᠨ ᠤ ᠰᠤᠳᠤᠯᠭ᠎ᠠ ᠨᠢ ᠥᠷᠭᠡᠨ ᠠᠷᠭ᠎ᠠ ᠵᠠᠮ ᠢᠶᠠᠷ ᠬᠥᠭᠵᠢᠵᠦ᠂ ᠰᠢᠨ᠎ᠡ ᠦᠶ᠎ᠡ ᠶᠢᠨ ᠱᠠᠭᠠᠷᠳᠠᠯᠭ᠎ᠠ ᠳᠤ ᠲᠣᠬᠢᠷᠠᠭᠰᠠᠨ ᠦᠷ᠎ᠡ ᠪᠦᠲᠦᠭᠡᠯ ᠢ ᠣᠯᠵᠤ ᠪᠠᠶᠢᠨ᠎ᠠ᠃ ᠡᠴᠡᠰ ᠦᠨ ᠳᠦ ᠰᠤᠳᠤᠯᠭᠠᠴᠢᠳ ᠤᠨ ᠡᠩ ᠲᠡᠷᠢᠭᠦᠨ ᠳᠦ ᠬᠥᠯᠦᠷᠡᠵᠦ᠂ ᠲᠥᠷᠥ ᠶᠢᠨ ᠬᠡᠯᠡ ᠶᠢᠨ ᠪᠣᠳᠤᠯᠭ᠎ᠠ ᠶᠢ ᠪᠡᠬᠢᠵᠢᠭᠦᠯᠬᠦ ᠶᠣᠰᠣ ᠲᠠᠢ᠃ ᠡᠭᠦᠨ ᠢ ᠳᠦᠭᠨᠡᠪᠡᠯ ᠮᠣᠩᠭᠣᠯ ᠬᠡᠯᠡ ᠤᠬᠠᠭᠠᠨ ᠤ ᠰᠤᠳᠤᠯᠭ᠎ᠠ ᠨᠢ ᠥᠷᠭᠡᠨ ᠠᠷᠭ᠎ᠠ ᠵᠠᠮ ᠢᠶᠠᠷ ᠬᠥᠭᠵᠢᠵᠦ᠂ ᠰᠢᠨ᠎ᠡ ᠦᠶ᠎ᠡ ᠶᠢᠨ ᠱᠠᠭᠠᠷᠳᠠᠯᠭ᠎ᠠ ᠳᠤ ᠲᠣᠬᠢᠷᠠᠭᠰᠠᠨ ᠦᠷ᠎ᠡ ᠪᠦᠲᠦᠭᠡᠯ ᠢ ᠣᠯᠵᠤ ᠪᠠᠶᠢᠨ᠎ᠠ᠃ ᠡᠴᠡᠰ ᠦᠨ ᠳᠦ ᠰᠤᠳᠤᠯᠭᠠᠴᠢᠳ ᠤᠨ ᠡᠩ ᠲᠡᠷᠢᠭᠦᠨ ᠳᠦ ᠬᠥᠯᠦᠷᠡᠵᠦ᠂ ᠲᠥᠷᠥ ᠶᠢᠨ ᠬᠡᠯᠡ ᠶᠢᠨ ᠪᠣᠳᠤᠯᠭ᠎ᠠ ᠶᠢ ᠪᠡᠬᠢᠵᠢᠭᠦᠯᠬᠦ ᠶᠣᠰᠣ ᠲᠠᠢ᠃ ᠡᠭᠦᠨ ᠢ ᠳᠦᠭᠨᠡᠪᠡᠯ ᠮᠣᠩᠭᠣᠯ ᠬᠡᠯᠡ ᠤᠬᠠᠭᠠᠨ ᠤ ᠰᠤᠳᠤᠯᠭ᠎ᠠ ᠨᠢ ᠥᠷᠭᠡᠨ ᠠᠷᠭ᠎ᠠ ᠵᠠᠮ ᠢᠶᠠᠷ ᠬᠥᠭᠵᠢᠵᠦ᠂ ᠰᠢᠨ᠎ᠡ ᠦᠶ᠎ᠡ ᠶᠢᠨ ᠱᠠᠭᠠᠷᠳᠠᠯᠭ᠎ᠠ ᠳᠤ ᠲᠣᠬᠢᠷᠠᠭᠰᠠᠨ ᠦᠷ᠎ᠡ ᠪᠦᠲᠦᠭᠡᠯ ᠢ ᠣᠯᠵᠤ ᠪᠠᠶᠢᠨ᠎ᠠ᠃ ᠡᠴᠡᠰ ᠦᠨ ᠳᠦ ᠰᠤᠳᠤᠯᠭᠠᠴᠢᠳ ᠤᠨ ᠡᠩ ᠲᠡᠷᠢᠭᠦᠨ ᠳᠦ ᠬᠥᠯᠦᠷᠡᠵᠦ᠂ ᠲᠥᠷᠥ ᠶᠢᠨ ᠬᠡᠯᠡ ᠶᠢᠨ ᠪᠣᠳᠤᠯᠭ᠎ᠠ ᠶᠢ ᠪᠡᠬᠢᠵᠢᠭᠦᠯᠬᠦ ᠶᠣᠰᠣ ᠲᠠᠢ᠃ ᠡᠭᠦᠨ ᠢ ᠳᠦᠭᠨᠡᠪᠡᠯ ᠮᠣᠩᠭᠣᠯ ᠬᠡᠯᠡ ᠤᠬᠠᠭᠠᠨ ᠤ ᠰᠤᠳᠤᠯᠭ᠎ᠠ ᠨᠢ ᠥᠷᠭᠡᠨ ᠠᠷᠭ᠎ᠠ ᠵᠠᠮ ᠢᠶᠠᠷ ᠬᠥᠭᠵᠢᠵᠦ᠂ ᠰᠢᠨ᠎ᠡ ᠦᠶ᠎ᠡ ᠶᠢᠨ ᠱᠠᠭᠠᠷᠳᠠᠯᠭ᠎ᠠ ᠳᠤ ᠲᠣᠬᠢᠷᠠᠭᠰᠠᠨ ᠦᠷ᠎ᠡ ᠪᠦᠲᠦᠭᠡᠯ ᠢ ᠣᠯᠵᠤ ᠪᠠᠶᠢᠨ᠎ᠠ᠃ ᠡᠴᠡᠰ ᠦᠨ ᠳᠦ ᠰᠤᠳᠤᠯᠭᠠᠴᠢᠳ ᠤᠨ ᠡᠩ ᠲᠡᠷᠢᠭᠦᠨ ᠳᠦ ᠬᠥᠯᠦᠷᠡᠵᠦ᠂ ᠲᠥᠷᠥ ᠶᠢᠨ ᠬᠡᠯᠡ ᠶᠢᠨ ᠪᠣᠳᠤᠯᠭ᠎ᠠ ᠶᠢ ᠪᠡᠬᠢᠵᠢᠭᠦᠯᠬᠦ ᠶᠣᠰᠣ ᠲᠠᠢ᠃ ᠡᠭᠦᠨ ᠢ ᠳᠦᠭᠨᠡᠪᠡᠯ ᠮᠣᠩᠭᠣᠯ ᠬᠡᠯᠡ ᠤᠬᠠᠭᠠᠨ ᠤ ᠰᠤᠳᠤᠯᠭ᠎ᠠ ᠨᠢ ᠥᠷᠭᠡᠨ ᠠᠷᠭ᠎ᠠ ᠵᠠᠮ ᠢᠶᠠᠷ ᠬᠥᠭᠵᠢᠵᠦ᠂ ᠰᠢᠨ᠎ᠡ ᠦᠶ᠎ᠡ ᠶᠢᠨ ᠱᠠᠭᠠᠷᠳᠠᠯᠭ᠎ᠠ ᠳᠤ ᠲᠣᠬᠢᠷᠠᠭᠰᠠᠨ ᠦᠷ᠎ᠡ ᠪᠦᠲᠦᠭᠡᠯ ᠢ ᠣᠯᠵᠤ ᠪᠠᠶᠢᠨ᠎ᠠ᠃ ᠡᠴᠡᠰ ᠦᠨ ᠳᠦ ᠰᠤᠳᠤᠯᠭᠠᠴᠢᠳ ᠤᠨ ᠡᠩ ᠲᠡᠷᠢᠭᠦᠨ ᠳᠦ ᠬᠥᠯᠦᠷᠡᠵᠦ᠂ ᠲᠥᠷᠥ ᠶᠢᠨ ᠬᠡᠯᠡ ᠶᠢᠨ ᠪᠣᠳᠤᠯᠭ᠎ᠠ ᠶᠢ ᠪᠡᠬᠢᠵᠢᠭᠦᠯᠬᠦ ᠶᠣᠰᠣ ᠲᠠᠢ᠃ ᠡᠭᠦᠨ ᠢ ᠳᠦᠭᠨᠡᠪᠡᠯ ᠮᠣᠩᠭᠣᠯ ᠬᠡᠯᠡ ᠤᠬᠠᠭᠠᠨ ᠤ ᠰᠤᠳᠤᠯᠭ᠎ᠠ ᠨᠢ ᠥᠷᠭᠡᠨ ᠠᠷᠭ᠎ᠠ ᠵᠠᠮ ᠢᠶᠠᠷ ᠬᠥᠭᠵᠢᠵᠦ᠂ ᠰᠢᠨ᠎ᠡ ᠦᠶ᠎ᠡ ᠶᠢᠨ ᠱᠠᠭᠠᠷᠳᠠᠯᠭ᠎ᠠ ᠳᠤ ᠲᠣᠬᠢᠷᠠᠭᠰᠠᠨ ᠦᠷ᠎ᠡ ᠪᠦᠲᠦᠭᠡᠯ ᠢ ᠣᠯᠵᠤ ᠪᠠᠶᠢᠨ᠎ᠠ᠃ ᠡᠴᠡᠰ ᠦᠨ ᠳᠦ ᠰᠤᠳᠤᠯᠭᠠᠴᠢᠳ ᠤᠨ ᠡᠩ ᠲᠡᠷᠢᠭᠦᠨ ᠳᠦ ᠬᠥᠯᠦᠷᠡᠵᠦ᠂ ᠲᠥᠷᠥ ᠶᠢᠨ ᠬᠡᠯᠡ ᠶᠢᠨ ᠪᠣᠳᠤᠯᠭ᠎ᠠ ᠶᠢ ᠪᠡᠬᠢᠵᠢᠭᠦᠯᠬᠦ ᠶᠣᠰᠣ ᠲᠠᠢ᠃ ᠡᠭᠦᠨ ᠢ ᠳᠦᠭᠨᠡᠪᠡᠯ ᠮᠣᠩᠭᠣᠯ ᠬᠡᠯᠡ ᠤᠬᠠᠭᠠᠨ ᠤ ᠰᠤᠳᠤᠯᠭ᠎ᠠ ᠨᠢ ᠥᠷᠭᠡᠨ ᠠᠷᠭ᠎ᠠ ᠵᠠᠮ ᠢᠶᠠᠷ ᠬᠥᠭᠵᠢᠵᠦ᠂ ᠰᠢᠨ᠎ᠡ ᠦᠶ᠎ᠡ ᠶᠢᠨ ᠱᠠᠭᠠᠷᠳᠠᠯᠭ᠎ᠠ ᠳᠤ ᠲᠣᠬᠢᠷᠠᠭᠰᠠᠨ ᠦᠷ᠎ᠡ ᠪᠦᠲᠦᠭᠡᠯ ᠢ ᠣᠯᠵᠤ ᠪᠠᠶᠢᠨ᠎ᠠ᠃ ᠡᠴᠡᠰ ᠦᠨ ᠳᠦ ᠰᠤᠳᠤᠯᠭᠠᠴᠢᠳ ᠤᠨ ᠡᠩ ᠲᠡᠷᠢᠭᠦᠨ ᠳᠦ ᠬᠥᠯᠦᠷᠡᠵᠦ᠂ ᠲᠥᠷᠥ ᠶᠢᠨ ᠬᠡᠯᠡ ᠶᠢᠨ ᠪᠣᠳᠤᠯᠭ᠎ᠠ ᠶᠢ ᠪᠡᠬᠢᠵᠢᠭᠦᠯᠬᠦ ᠶᠣᠰᠣ ᠲᠠᠢ᠃ ᠡᠭᠦᠨ ᠢ ᠳᠦᠭᠨᠡᠪᠡᠯ ᠮᠣᠩᠭᠣᠯ ᠬᠡᠯᠡ ᠤᠬᠠᠭᠠᠨ ᠤ ᠰᠤᠳᠤᠯᠭ᠎ᠠ ᠨᠢ ᠥᠷᠭᠡᠨ ᠠᠷᠭ᠎ᠠ ᠵᠠᠮ ᠢᠶᠠᠷ ᠬᠥᠭᠵᠢᠵᠦ᠂ ᠰᠢᠨ᠎ᠡ ᠦᠶ᠎ᠡ ᠶᠢᠨ ᠱᠠᠭᠠᠷᠳᠠᠯᠭ᠎ᠠ ᠳᠤ ᠲᠣᠬᠢᠷᠠᠭᠰᠠᠨ ᠦᠷ᠎ᠡ ᠪᠦᠲᠦᠭᠡᠯ ᠢ ᠣᠯᠵᠤ ᠪᠠᠶᠢᠨ᠎ᠠ᠃ ᠡᠴᠡᠰ ᠦᠨ ᠳᠦ ᠰᠤᠳᠤᠯᠭᠠᠴᠢᠳ ᠤᠨ ᠡᠩ ᠲᠡᠷᠢᠭᠦᠨ ᠳᠦ ᠬᠥᠯᠦᠷᠡᠵᠦ᠂ ᠲᠥᠷᠥ ᠶᠢᠨ ᠬᠡᠯᠡ ᠶᠢᠨ ᠪᠣᠳᠤᠯᠭ᠎ᠠ ᠶᠢ ᠪᠡᠬᠢᠵᠢᠭᠦᠯᠬᠦ ᠶᠣᠰᠣ ᠲᠠᠢ᠃

28
